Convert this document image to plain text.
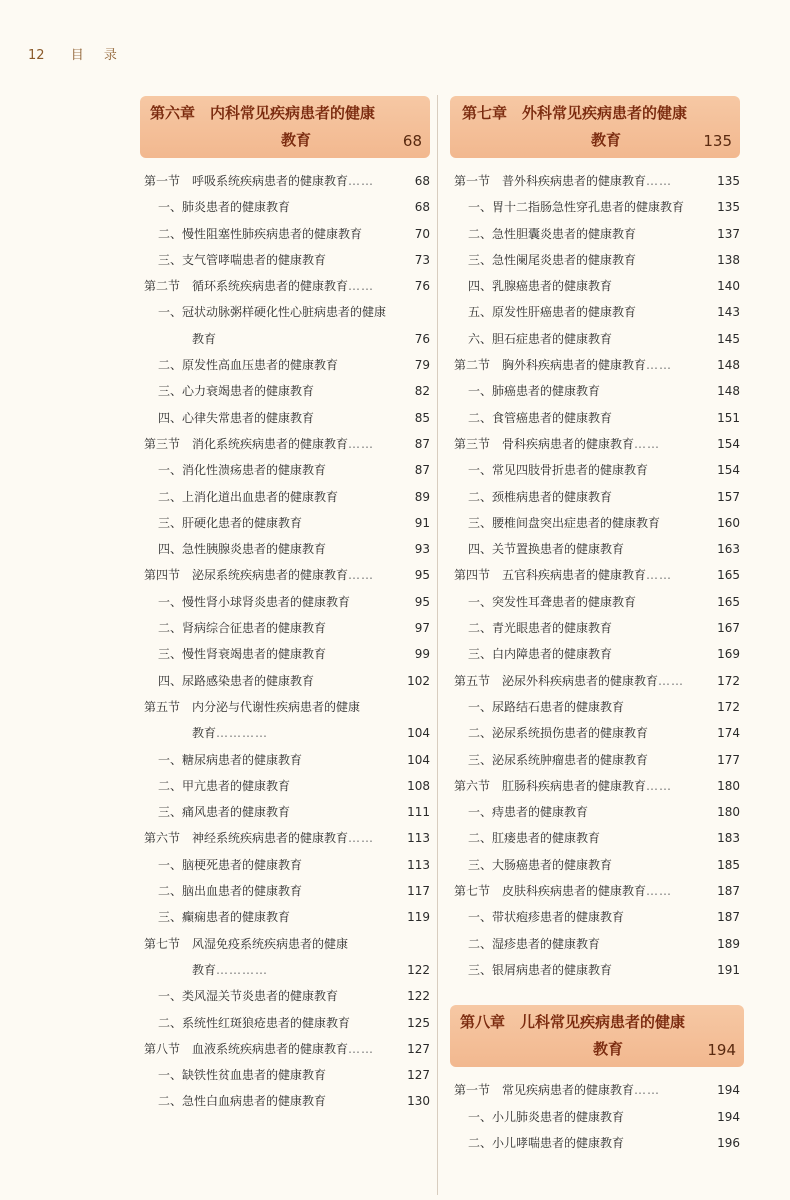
12 目 录
第六章　内科常见疾病患者的健康
教育	68
第一节　呼吸系统疾病患者的健康教育……	68
一、肺炎患者的健康教育	68
二、慢性阻塞性肺疾病患者的健康教育	70
三、支气管哮喘患者的健康教育	73
第二节　循环系统疾病患者的健康教育……	76
一、冠状动脉粥样硬化性心脏病患者的健康
教育	76
二、原发性高血压患者的健康教育	79
三、心力衰竭患者的健康教育	82
四、心律失常患者的健康教育	85
第三节　消化系统疾病患者的健康教育……	87
一、消化性溃疡患者的健康教育	87
二、上消化道出血患者的健康教育	89
三、肝硬化患者的健康教育	91
四、急性胰腺炎患者的健康教育	93
第四节　泌尿系统疾病患者的健康教育……	95
一、慢性肾小球肾炎患者的健康教育	95
二、肾病综合征患者的健康教育	97
三、慢性肾衰竭患者的健康教育	99
四、尿路感染患者的健康教育	102
第五节　内分泌与代谢性疾病患者的健康
教育…………	104
一、糖尿病患者的健康教育	104
二、甲亢患者的健康教育	108
三、痛风患者的健康教育	111
第六节　神经系统疾病患者的健康教育……	113
一、脑梗死患者的健康教育	113
二、脑出血患者的健康教育	117
三、癫痫患者的健康教育	119
第七节　风湿免疫系统疾病患者的健康
教育…………	122
一、类风湿关节炎患者的健康教育	122
二、系统性红斑狼疮患者的健康教育	125
第八节　血液系统疾病患者的健康教育……	127
一、缺铁性贫血患者的健康教育	127
二、急性白血病患者的健康教育	130
第七章　外科常见疾病患者的健康
教育	135
第一节　普外科疾病患者的健康教育……	135
一、胃十二指肠急性穿孔患者的健康教育	135
二、急性胆囊炎患者的健康教育	137
三、急性阑尾炎患者的健康教育	138
四、乳腺癌患者的健康教育	140
五、原发性肝癌患者的健康教育	143
六、胆石症患者的健康教育	145
第二节　胸外科疾病患者的健康教育……	148
一、肺癌患者的健康教育	148
二、食管癌患者的健康教育	151
第三节　骨科疾病患者的健康教育……	154
一、常见四肢骨折患者的健康教育	154
二、颈椎病患者的健康教育	157
三、腰椎间盘突出症患者的健康教育	160
四、关节置换患者的健康教育	163
第四节　五官科疾病患者的健康教育……	165
一、突发性耳聋患者的健康教育	165
二、青光眼患者的健康教育	167
三、白内障患者的健康教育	169
第五节　泌尿外科疾病患者的健康教育……	172
一、尿路结石患者的健康教育	172
二、泌尿系统损伤患者的健康教育	174
三、泌尿系统肿瘤患者的健康教育	177
第六节　肛肠科疾病患者的健康教育……	180
一、痔患者的健康教育	180
二、肛瘘患者的健康教育	183
三、大肠癌患者的健康教育	185
第七节　皮肤科疾病患者的健康教育……	187
一、带状疱疹患者的健康教育	187
二、湿疹患者的健康教育	189
三、银屑病患者的健康教育	191
第八章　儿科常见疾病患者的健康
教育	194
第一节　常见疾病患者的健康教育……	194
一、小儿肺炎患者的健康教育	194
二、小儿哮喘患者的健康教育	196
